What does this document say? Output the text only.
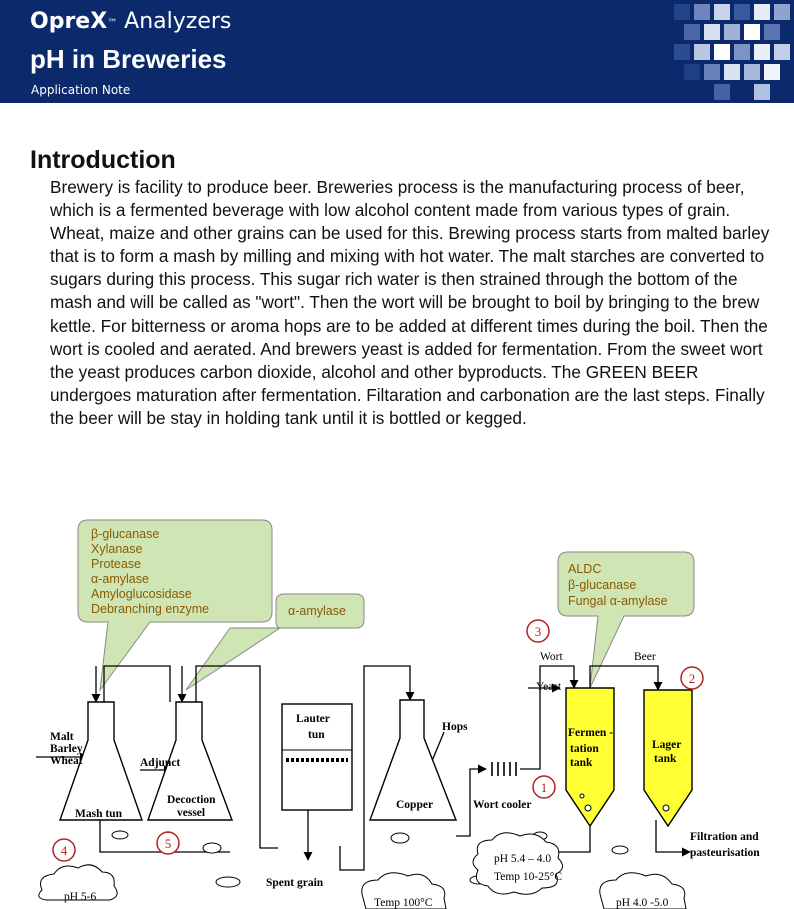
OpreX™ Analyzers
pH in Breweries
Application Note
Introduction

Brewery is facility to produce beer. Breweries process is the manufacturing process of beer, which is a fermented beverage with low alcohol content made from various types of grain. Wheat, maize and other grains can be used for this. Brewing process starts from malted barley that is to form a mash by milling and mixing with hot water. The malt starches are converted to sugars during this process. This sugar rich water is then strained through the bottom of the mash and will be called as "wort". Then the wort will be brought to boil by bringing to the brew kettle. For bitterness or aroma hops are to be added at different times during the boil. Then the wort is cooled and aerated. And brewers yeast is added for fermentation. From the sweet wort the yeast produces carbon dioxide, alcohol and other byproducts. The GREEN BEER undergoes maturation after fermentation. Filtaration and carbonation are the last steps. Finally the beer will be stay in holding tank until it is bottled or kegged.

β-glucanase
Xylanase
Protease
α-amylase
Amyloglucosidase
Debranching enzyme	α-amylase
ALDC
β-glucanase
Fungal α-amylase
Malt
Barley
Wheat	Adjunct
Mash tun
Decoction
vessel
Lauter
tun
Hops
Copper	Wort cooler
Wort
Yeast
Beer
Fermen -
tation
tank
Lager
tank
Filtration and
pasteurisation
Spent grain
pH 5-6
pH 5.4 – 4.0
Temp 10-25°C
Temp 100°C	pH 4.0 -5.0
1
2
3
4	5
